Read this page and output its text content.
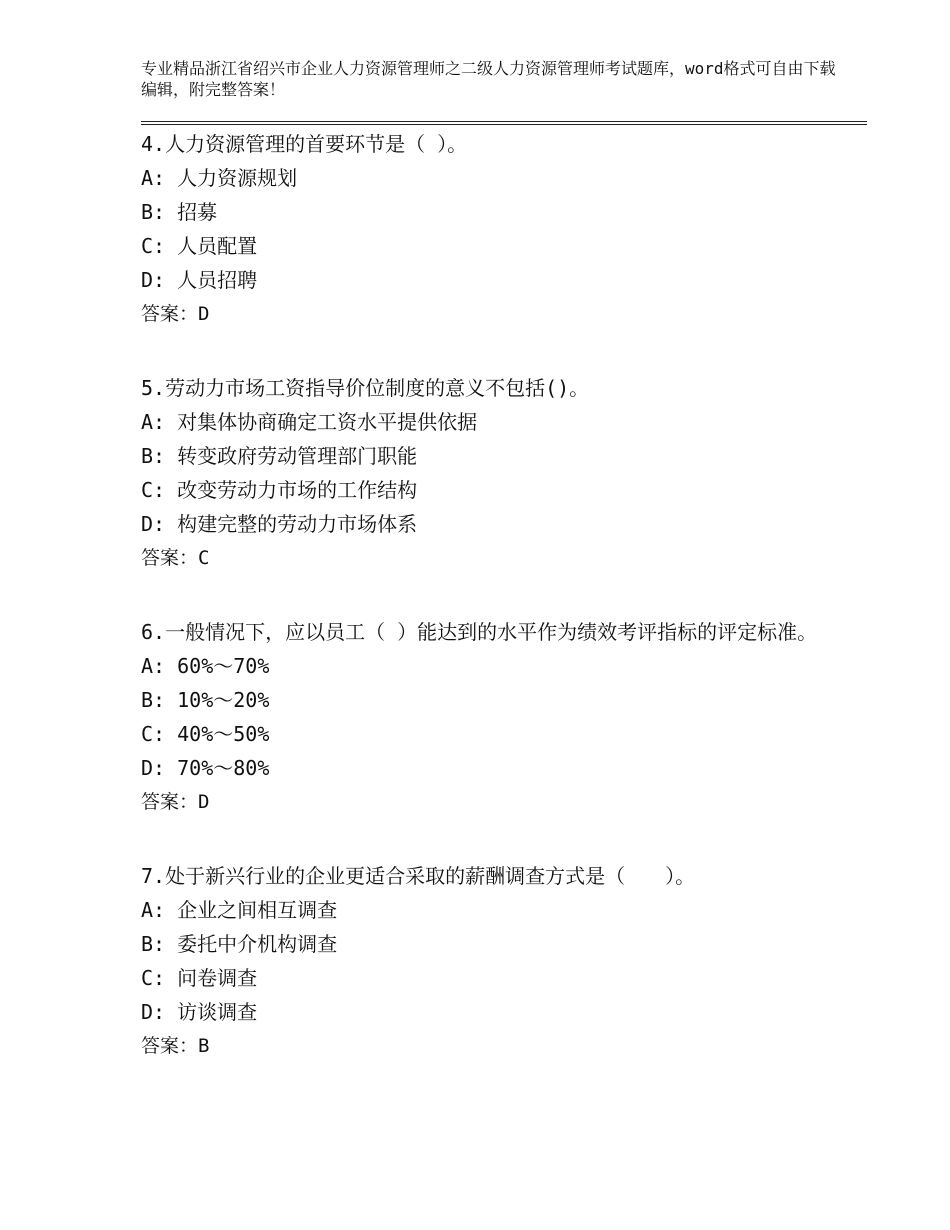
专业精品浙江省绍兴市企业人力资源管理师之二级人力资源管理师考试题库，word格式可自由下载编辑，附完整答案！

4.人力资源管理的首要环节是（ ）。

A: 人力资源规划

B: 招募

C: 人员配置

D: 人员招聘

答案：D

5.劳动力市场工资指导价位制度的意义不包括()。

A: 对集体协商确定工资水平提供依据

B: 转变政府劳动管理部门职能

C: 改变劳动力市场的工作结构

D: 构建完整的劳动力市场体系

答案：C

6.一般情况下，应以员工（ ）能达到的水平作为绩效考评指标的评定标准。

A: 60%～70%

B: 10%～20%

C: 40%～50%

D: 70%～80%

答案：D

7.处于新兴行业的企业更适合采取的薪酬调查方式是（　　）。

A: 企业之间相互调查

B: 委托中介机构调查

C: 问卷调查

D: 访谈调查

答案：B
